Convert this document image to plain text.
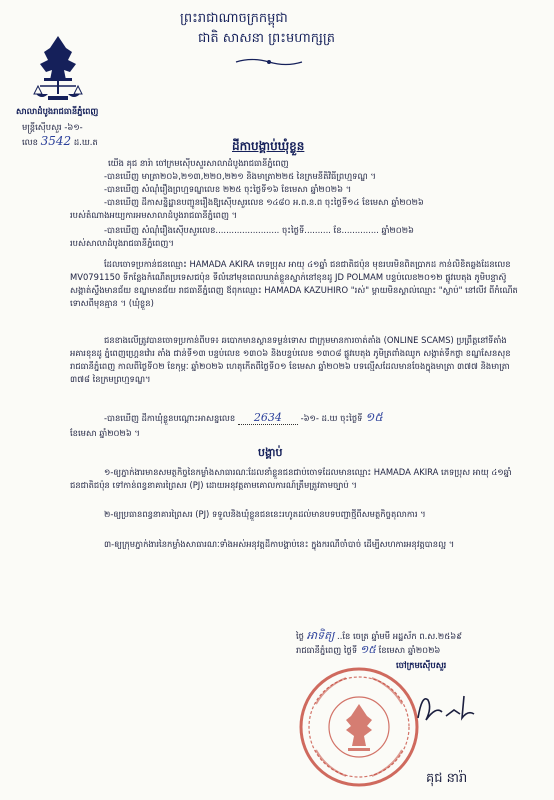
ព្រះរាជាណាចក្រកម្ពុជា
ជាតិ សាសនា ព្រះមហាក្សត្រ
សាលាដំបូងរាជធានីភ្នំពេញ
មន្ត្រីស៊ើបសួរ -៦១-
លេខ 3542 ដ.ឃ.ត	ដីកាបង្គាប់ឃុំខ្លួន
យើង គុជ នារ៉ា ចៅក្រមស៊ើបសួរសាលាដំបូងរាជធានីភ្នំពេញ
-បានឃើញ មាត្រា២០៦,២១៣,២២០,២២១ និងមាត្រា២២៥ នៃក្រមនីតិវិធីព្រហ្មទណ្ឌ ។
-បានឃើញ សំណុំរឿងព្រហ្មទណ្ឌលេខ ២២៥ ចុះថ្ងៃទី១៦ ខែមេសា ឆ្នាំ២០២៦ ។
-បានឃើញ ដីកាសន្និដ្ឋានបញ្ជូនរឿងឱ្យស៊ើបសួរលេខ ១៤៨០ អ.ព.ន.ព ចុះថ្ងៃទី១៤ ខែមេសា ឆ្នាំ២០២៦
របស់តំណាងអយ្យការអមសាលាដំបូងរាជធានីភ្នំពេញ ។
-បានឃើញ សំណុំរឿងស៊ើបសួរលេខ........................ ចុះថ្ងៃទី.......... ខែ.............. ឆ្នាំ២០២៦
របស់សាលាដំបូងរាជធានីភ្នំពេញ។
ដែលចោទប្រកាន់ជនឈ្មោះ HAMADA AKIRA ភេទប្រុស អាយុ ៤១ឆ្នាំ ជនជាតិជប៉ុន មុខរបរមិនពិតប្រាកដ កាន់លិខិតឆ្លងដែនលេខ MV0791150 ទីកន្លែងកំណើតប្រទេសជប៉ុន ទីលំនៅមុនពេលឃាត់ខ្លួនស្នាក់នៅខុនដូ JD POLMAM បន្ទប់លេខ២០១២ ផ្លូវបេតុង ភូមិបន្ទាស៊ូ សង្កាត់ស្ទឹងមានជ័យ ខណ្ឌមានជ័យ រាជធានីភ្នំពេញ ឪពុកឈ្មោះ HAMADA KAZUHIRO "រស់" ម្ដាយមិនស្គាល់ឈ្មោះ "ស្លាប់" នៅលីវ ពីកំណើត ទោសពីមុនគ្មាន ។ (ឃុំខ្លួន)
ជនខាងលើត្រូវបានចោទប្រកាន់ពីបទ៖ ឆបោកមានស្ថានទម្ងន់ទោស ជាក្រុមមានការចាត់តាំង (ONLINE SCAMS) ប្រព្រឹត្តនៅទីតាំង អគារខុនដូ ភ្នំពេញហ្គ្រេនវ៉ោរ តាំង ជាន់ទី១៣ បន្ទប់លេខ ១៣០៦ និងបន្ទប់លេខ ១៣០៨ ផ្លូវបេតុង ភូមិត្រពាំងឈូក សង្កាត់ទឹកថ្លា ខណ្ឌសែនសុខ រាជធានីភ្នំពេញ កាលពីថ្ងៃទី០២ ខែកុម្ភៈ ឆ្នាំ២០២៦ ហេតុកើតពីថ្ងៃទី០១ ខែមេសា ឆ្នាំ២០២៦ បទល្មើសដែលមានចែងក្នុងមាត្រា ៣៧៧ និងមាត្រា ៣៧៨ នៃក្រមព្រហ្មទណ្ឌ។
-បានឃើញ ដីកាឃុំខ្លួនបណ្ដោះអាសន្នលេខ 2634 -៦១- ដ.ឃ ចុះថ្ងៃទី ១៥
ខែមេសា ឆ្នាំ២០២៦ ។
បង្គាប់
១-ឲ្យភ្នាក់ងារមានសមត្ថកិច្ចនៃកម្លាំងសាធារណៈដែលនាំខ្លួនជនជាប់ចោទដែលមានឈ្មោះ HAMADA AKIRA ភេទប្រុស អាយុ ៤១ឆ្នាំ ជនជាតិជប៉ុន ទៅកាន់ពន្ធនាគារព្រៃសរ (PJ) ដោយអនុវត្តតាមគោលការណ៍ត្រឹមត្រូវតាមច្បាប់ ។
២-ឲ្យប្រធានពន្ធនាគារព្រៃសរ (PJ) ទទួលនិងឃុំខ្លួនជននេះរហូតដល់មានបទបញ្ជាថ្មីពីសមត្ថកិច្ចតុលាការ ។
៣-ឲ្យក្រុមភ្នាក់ងារនៃកម្លាំងសាធារណៈទាំងអស់អនុវត្តដីកាបង្គាប់នេះ ក្នុងករណីចាំបាច់ ដើម្បីសហការអនុវត្តបានល្អ ។
ថ្ងៃ អាទិត្យ ..ខែ ចេត្រ ឆ្នាំមមី អដ្ឋស័ក ព.ស.២៥៦៩
រាជធានីភ្នំពេញ ថ្ងៃទី ១៥ ខែមេសា ឆ្នាំ២០២៦
ចៅក្រមស៊ើបសួរ
គុជ នារ៉ា
